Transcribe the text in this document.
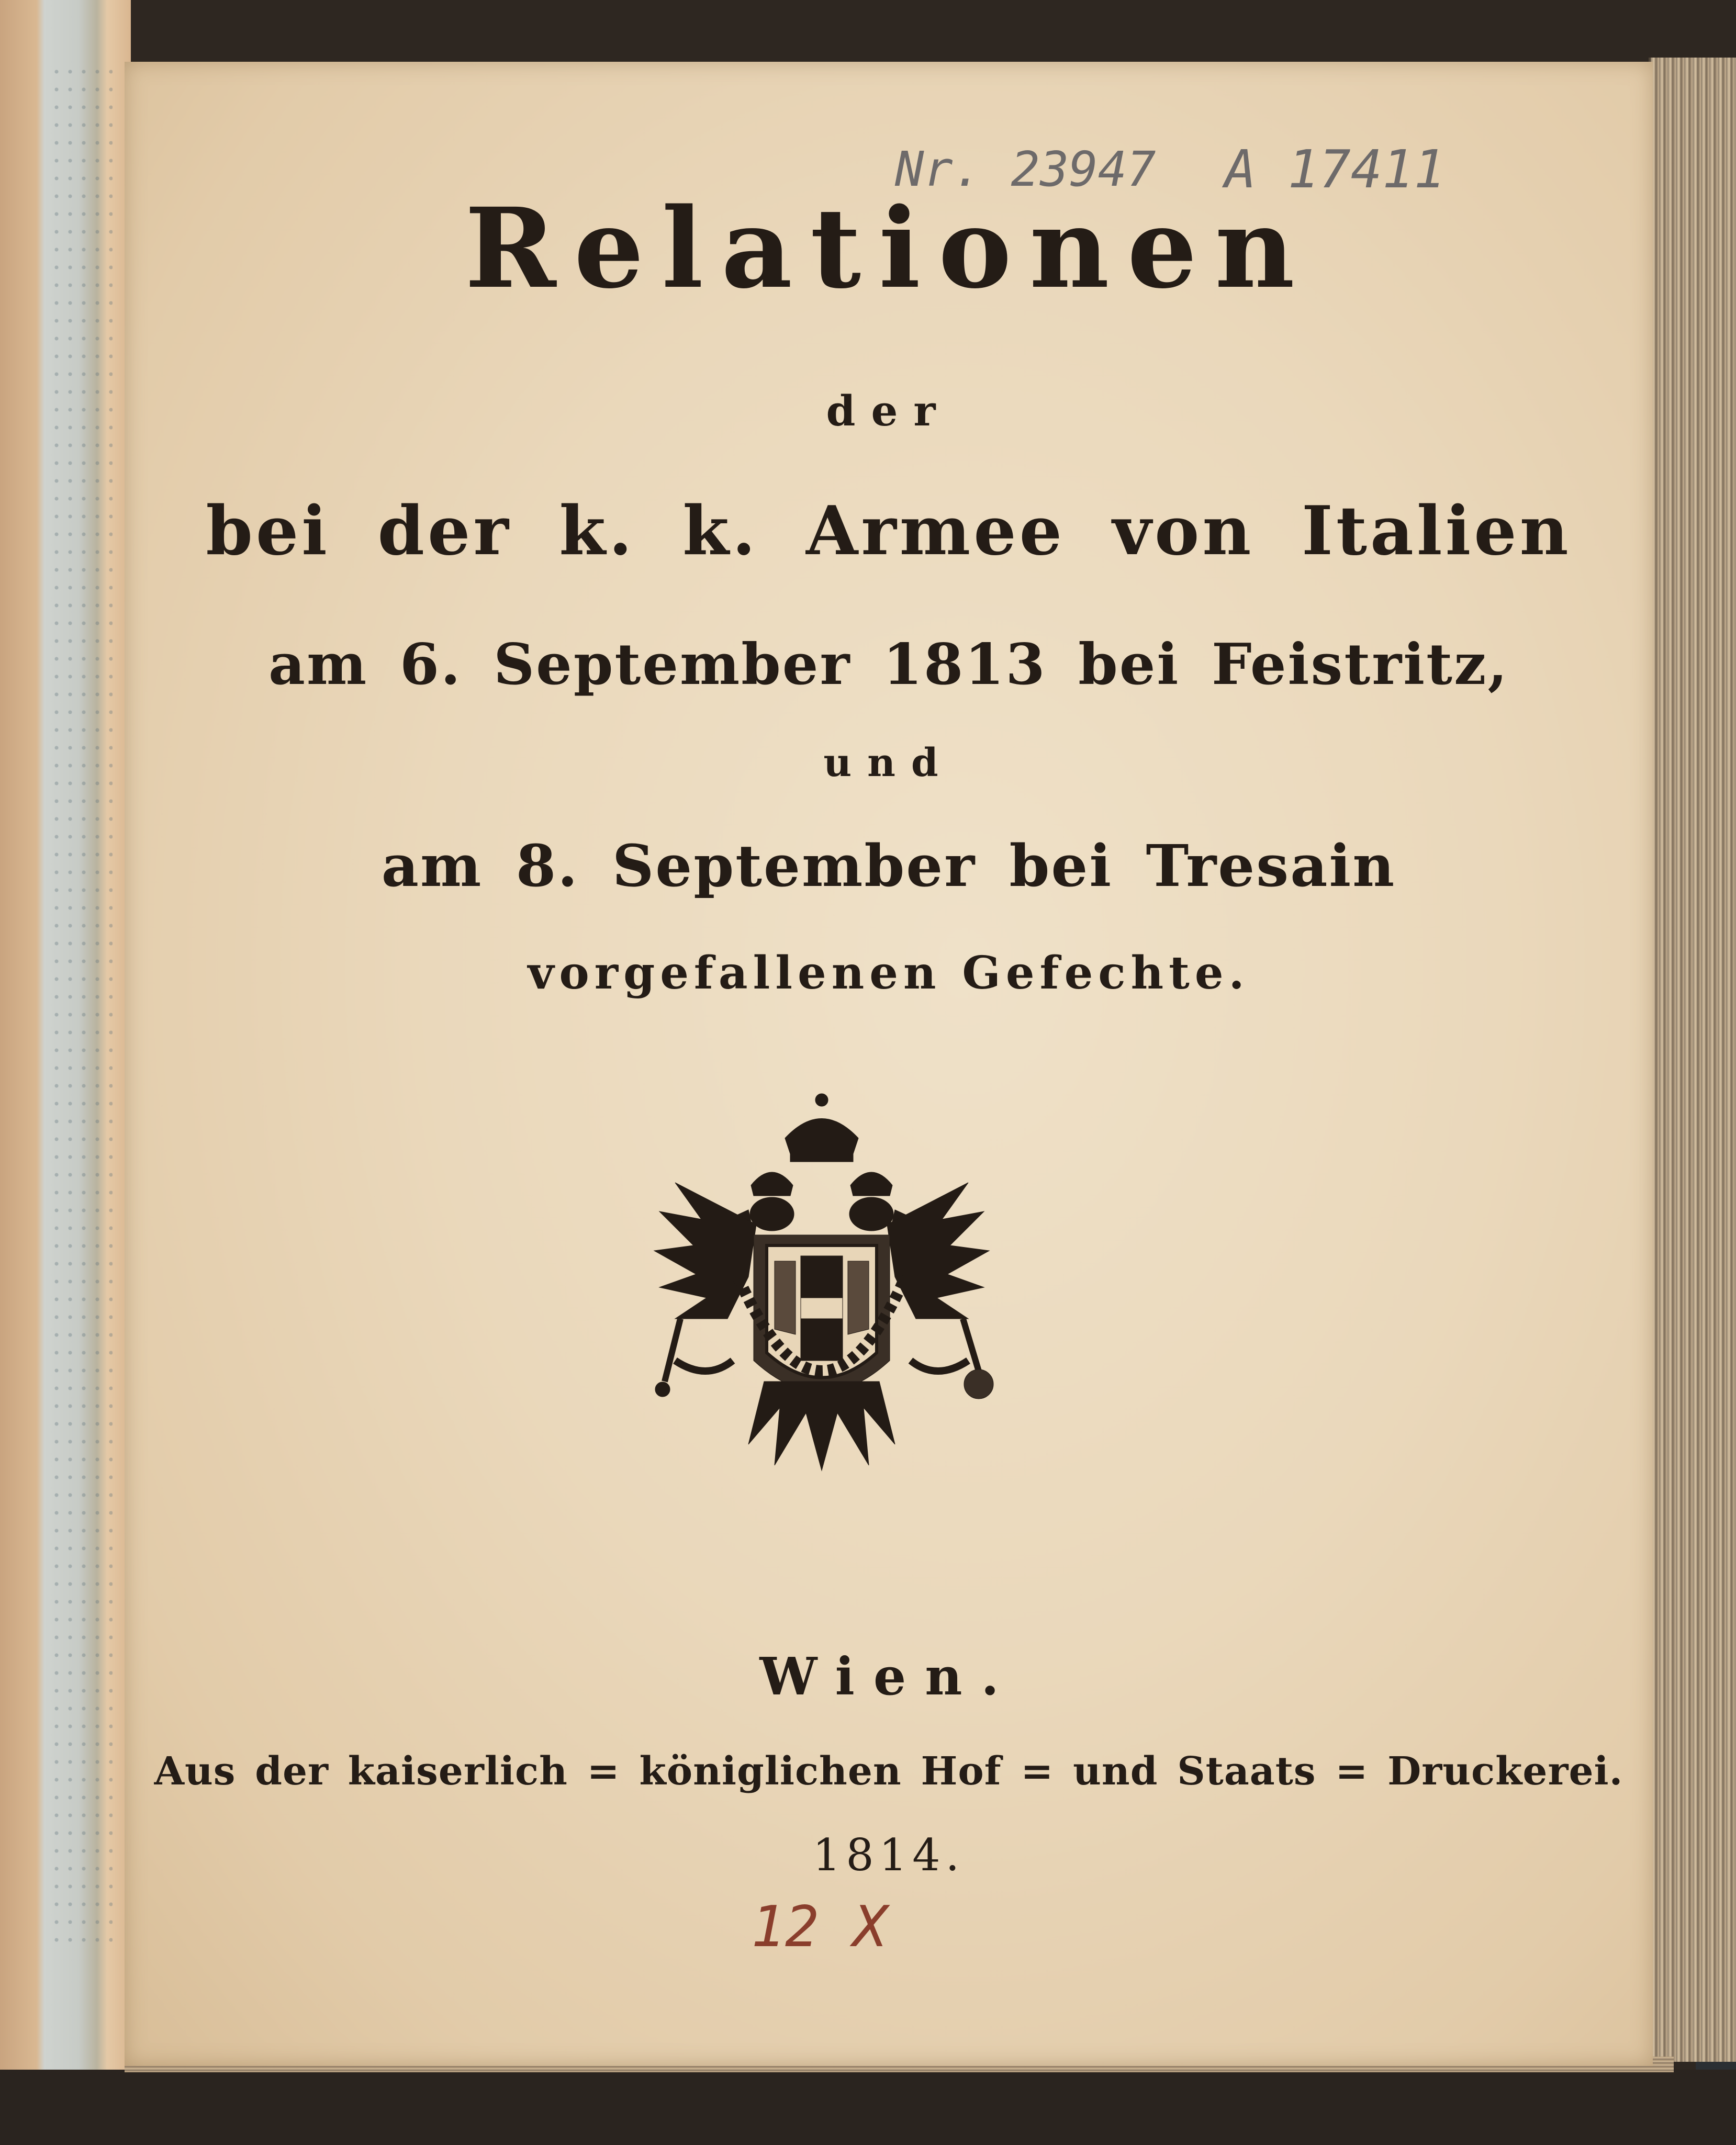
Nr. 23947 A 17411
Relationen
der
bei der k. k. Armee von Italien
am 6. September 1813 bei Feistritz,
und
am 8. September bei Tresain
vorgefallenen Gefechte.
Wien.
Aus der kaiserlich = königlichen Hof = und Staats = Druckerei.
1814.
12 X
